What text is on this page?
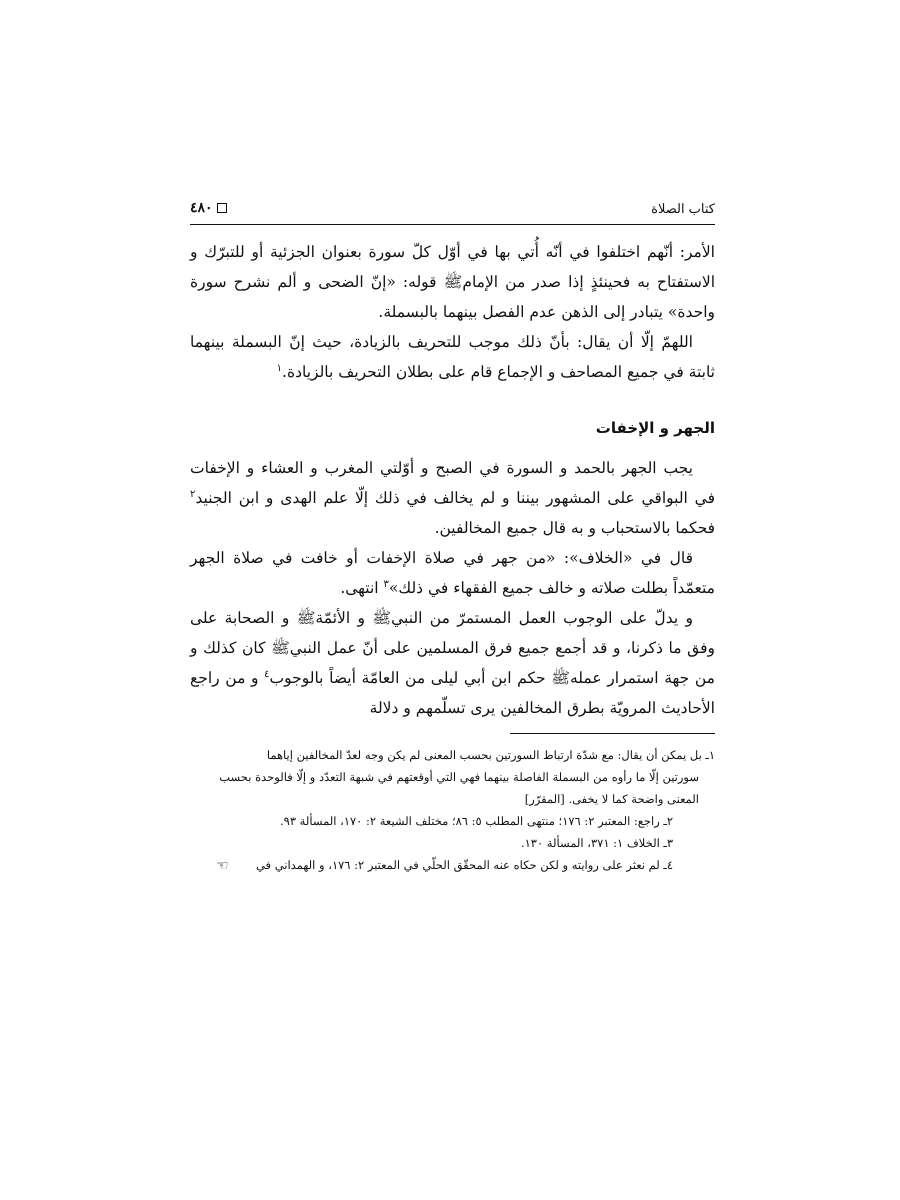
كتاب الصلاة
٤٨٠

الأمر: أنّهم اختلفوا في أنّه أُتي بها في أوّل كلّ سورة بعنوان الجزئية أو للتبرّك و الاستفتاح به فحينئذٍ إذا صدر من الإمامﷺ قوله: «إنّ الضحى و ألم نشرح سورة واحدة» يتبادر إلى الذهن عدم الفصل بينهما بالبسملة.

اللهمّ إلّا أن يقال: بأنّ ذلك موجب للتحريف بالزيادة، حيث إنّ البسملة بينهما ثابتة في جميع المصاحف و الإجماع قام على بطلان التحريف بالزيادة.$^١$

الجهر و الإخفات

يجب الجهر بالحمد و السورة في الصبح و أوّلتي المغرب و العشاء و الإخفات في البواقي على المشهور بيننا و لم يخالف في ذلك إلّا علم الهدى و ابن الجنيد$^٢$ فحكما بالاستحباب و به قال جميع المخالفين.

قال في «الخلاف»: «من جهر في صلاة الإخفات أو خافت في صلاة الجهر متعمّداً بطلت صلاته و خالف جميع الفقهاء في ذلك»$^٣$ انتهى.

و يدلّ على الوجوب العمل المستمرّ من النبيﷺ و الأئمّةﷺ و الصحابة على وفق ما ذكرنا، و قد أجمع جميع فرق المسلمين على أنّ عمل النبيﷺ كان كذلك و من جهة استمرار عملهﷺ حكم ابن أبي ليلى من العامّة أيضاً بالوجوب$^٤$ و من راجع الأحاديث المرويّة بطرق المخالفين يرى تسلّمهم و دلالة

١ـ بل يمكن أن يقال: مع شدّة ارتباط السورتين بحسب المعنى لم يكن وجه لعدّ المخالفين إياهما

سورتين إلّا ما رأوه من البسملة الفاصلة بينهما فهي التي أوقعتهم في شبهة التعدّد و إلّا فالوحدة بحسب

المعنى واضحة كما لا يخفى. [المقرّر]

٢ـ راجع: المعتبر ٢: ١٧٦؛ منتهى المطلب ٥: ٨٦؛ مختلف الشيعة ٢: ١٧٠، المسألة ٩٣.

٣ـ الخلاف ١: ٣٧١، المسألة ١٣٠.

٤ـ لم نعثر على روايته و لكن حكاه عنه المحقّق الحلّي في المعتبر ٢: ١٧٦، و الهمداني في
☜
